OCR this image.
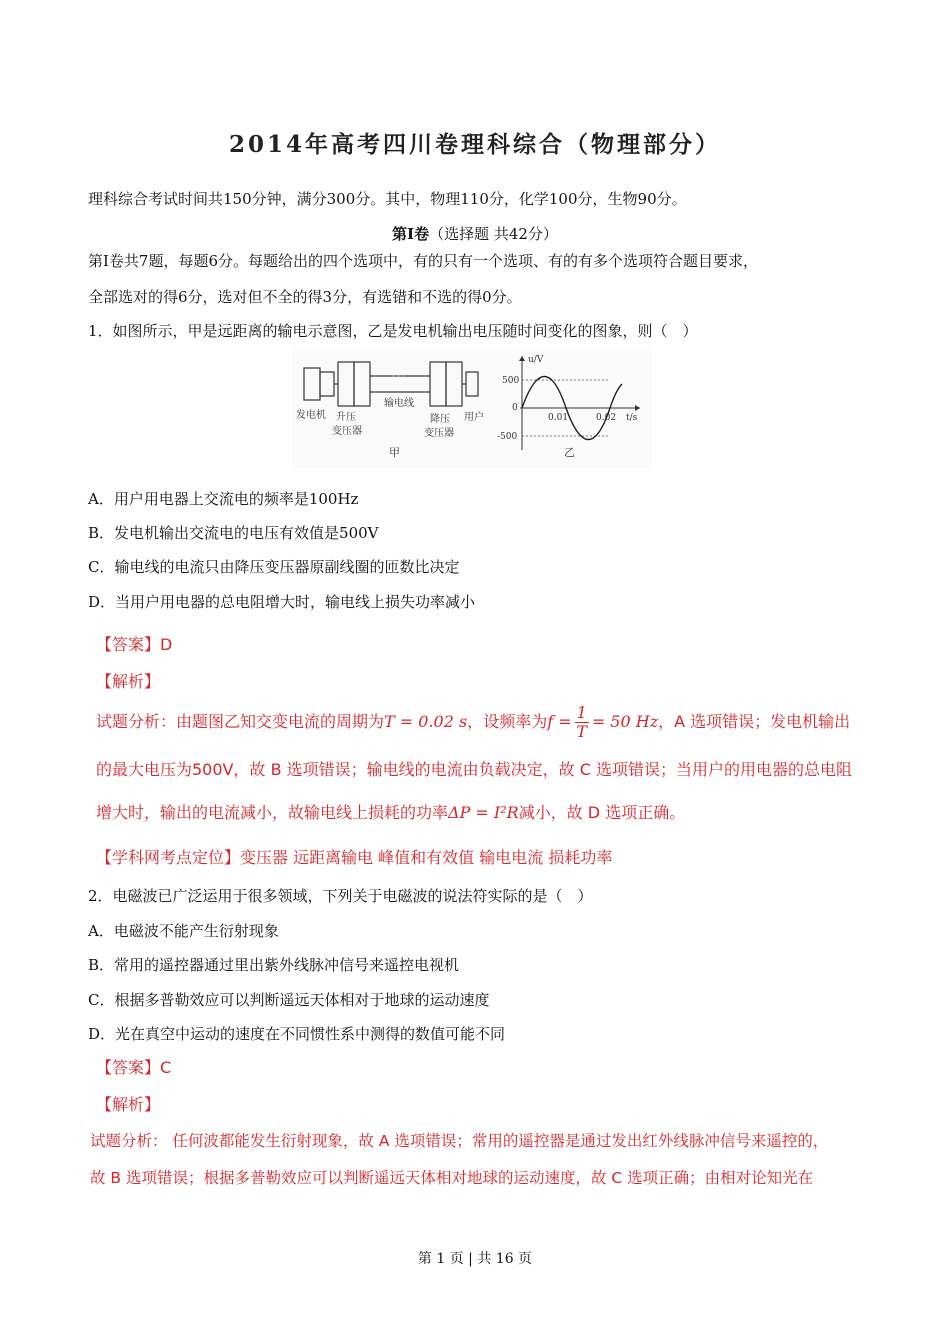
2014年高考四川卷理科综合（物理部分）
理科综合考试时间共150分钟，满分300分。其中，物理110分，化学100分，生物90分。
第Ⅰ卷（选择题 共42分）
第Ⅰ卷共7题，每题6分。每题给出的四个选项中，有的只有一个选项、有的有多个选项符合题目要求，
全部选对的得6分，选对但不全的得3分，有选错和不选的得0分。
1．如图所示，甲是远距离的输电示意图，乙是发电机输出电压随时间变化的图象，则（　）
发电机 升压
变压器
输电线
降压
变压器
用户
甲
u/V
t/s
500
-500
0
0.01	0.02
乙
A．用户用电器上交流电的频率是100Hz
B．发电机输出交流电的电压有效值是500V
C．输电线的电流只由降压变压器原副线圈的匝数比决定
D．当用户用电器的总电阻增大时，输电线上损失功率减小
【答案】D
【解析】
试题分析：由题图乙知交变电流的周期为T = 0.02 s，设频率为$f = \frac{1}{T} = 50$ Hz，A 选项错误；发电机输出
的最大电压为500V，故 B 选项错误；输电线的电流由负载决定，故 C 选项错误；当用户的用电器的总电阻
增大时，输出的电流减小，故输电线上损耗的功率ΔP = I²R减小，故 D 选项正确。
【学科网考点定位】变压器 远距离输电 峰值和有效值 输电电流 损耗功率
2．电磁波已广泛运用于很多领域，下列关于电磁波的说法符实际的是（　）
A．电磁波不能产生衍射现象
B．常用的遥控器通过里出紫外线脉冲信号来遥控电视机
C．根据多普勒效应可以判断遥远天体相对于地球的运动速度
D．光在真空中运动的速度在不同惯性系中测得的数值可能不同
【答案】C
【解析】
试题分析： 任何波都能发生衍射现象，故 A 选项错误；常用的遥控器是通过发出红外线脉冲信号来遥控的，
故 B 选项错误；根据多普勒效应可以判断遥远天体相对地球的运动速度，故 C 选项正确；由相对论知光在
第 1 页 | 共 16 页
